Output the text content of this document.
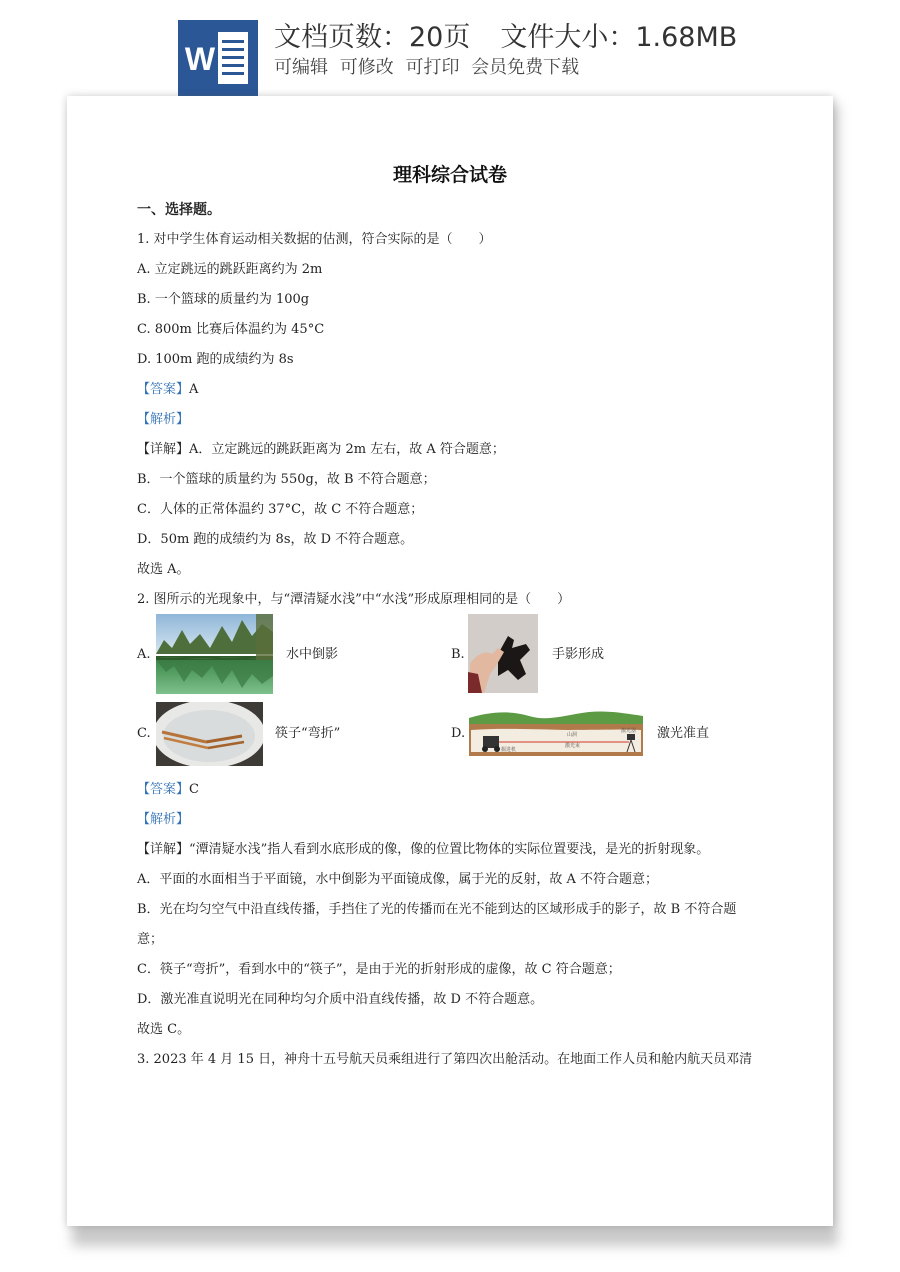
W
文档页数：20页 文件大小：1.68MB
可编辑 可修改 可打印 会员免费下载
理科综合试卷
一、选择题。
1. 对中学生体育运动相关数据的估测，符合实际的是（　　）
A. 立定跳远的跳跃距离约为 2m
B. 一个篮球的质量约为 100g
C. 800m 比赛后体温约为 45°C
D. 100m 跑的成绩约为 8s
【答案】A
【解析】
【详解】A．立定跳远的跳跃距离为 2m 左右，故 A 符合题意；
B．一个篮球的质量约为 550g，故 B 不符合题意；
C．人体的正常体温约 37°C，故 C 不符合题意；
D．50m 跑的成绩约为 8s，故 D 不符合题意。
故选 A。
2. 图所示的光现象中，与“潭清疑水浅”中“水浅”形成原理相同的是（　　）
A.	水中倒影	B.	手影形成
C.	筷子“弯折”	D.	山洞
激光束
掘进机
激光器 激光准直
【答案】C
【解析】
【详解】“潭清疑水浅”指人看到水底形成的像，像的位置比物体的实际位置要浅，是光的折射现象。
A．平面的水面相当于平面镜，水中倒影为平面镜成像，属于光的反射，故 A 不符合题意；
B．光在均匀空气中沿直线传播，手挡住了光的传播而在光不能到达的区域形成手的影子，故 B 不符合题
意；
C．筷子“弯折”，看到水中的“筷子”，是由于光的折射形成的虚像，故 C 符合题意；
D．激光准直说明光在同种均匀介质中沿直线传播，故 D 不符合题意。
故选 C。
3. 2023 年 4 月 15 日，神舟十五号航天员乘组进行了第四次出舱活动。在地面工作人员和舱内航天员邓清
